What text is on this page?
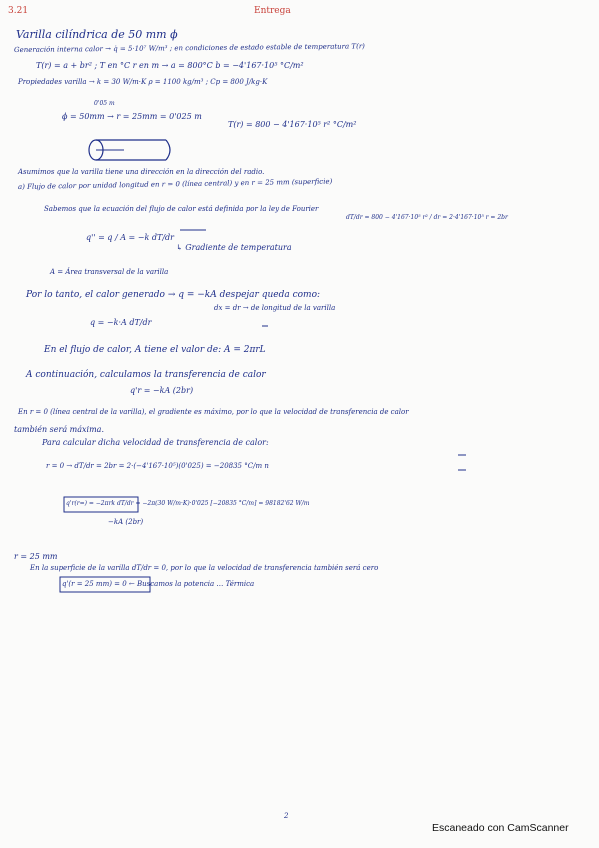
3.21	Entrega
Varilla cilíndrica de 50 mm ϕ
Generación interna calor → q̇ = 5·10⁷ W/m³ ; en condiciones de estado estable de temperatura T(r)
T(r) = a + br² ; T en °C r en m → a = 800°C b = −4'167·10⁵ °C/m²
Propiedades varilla → k = 30 W/m·K ρ = 1100 kg/m³ ; Cp = 800 J/kg·K
0'05 m
ϕ = 50mm → r = 25mm = 0'025 m
T(r) = 800 − 4'167·10⁵ r² °C/m²
Asumimos que la varilla tiene una dirección en la dirección del radio.
a) Flujo de calor por unidad longitud en r = 0 (línea central) y en r = 25 mm (superficie)
Sabemos que la ecuación del flujo de calor está definida por la ley de Fourier
dT/dr = 800 − 4'167·10⁵ r² / dr = 2·4'167·10⁵ r = 2br
q'' = q / A = −k dT/dr
↳ Gradiente de temperatura
A = Área transversal de la varilla
Por lo tanto, el calor generado → q = −kA despejar queda como:
q = −k·A dT/dr
dx = dr → de longitud de la varilla
En el flujo de calor, A tiene el valor de: A = 2πrL
A continuación, calculamos la transferencia de calor
q'r = −kA (2br)
En r = 0 (línea central de la varilla), el gradiente es máximo, por lo que la velocidad de transferencia de calor
también será máxima.
Para calcular dicha velocidad de transferencia de calor:
r = 0 → dT/dr = 2br = 2·(−4'167·10⁵)(0'025) = −20835 °C/m n
q'r(r=) = −2πrk dT/dr = −2π(30 W/m·K)·0'025 [−20835 °C/m] = 98182'62 W/m
−kA (2br)
r = 25 mm
En la superficie de la varilla dT/dr = 0, por lo que la velocidad de transferencia también será cero
q'(r = 25 mm) = 0 ← Buscamos la potencia … Térmica
2
Escaneado con CamScanner
